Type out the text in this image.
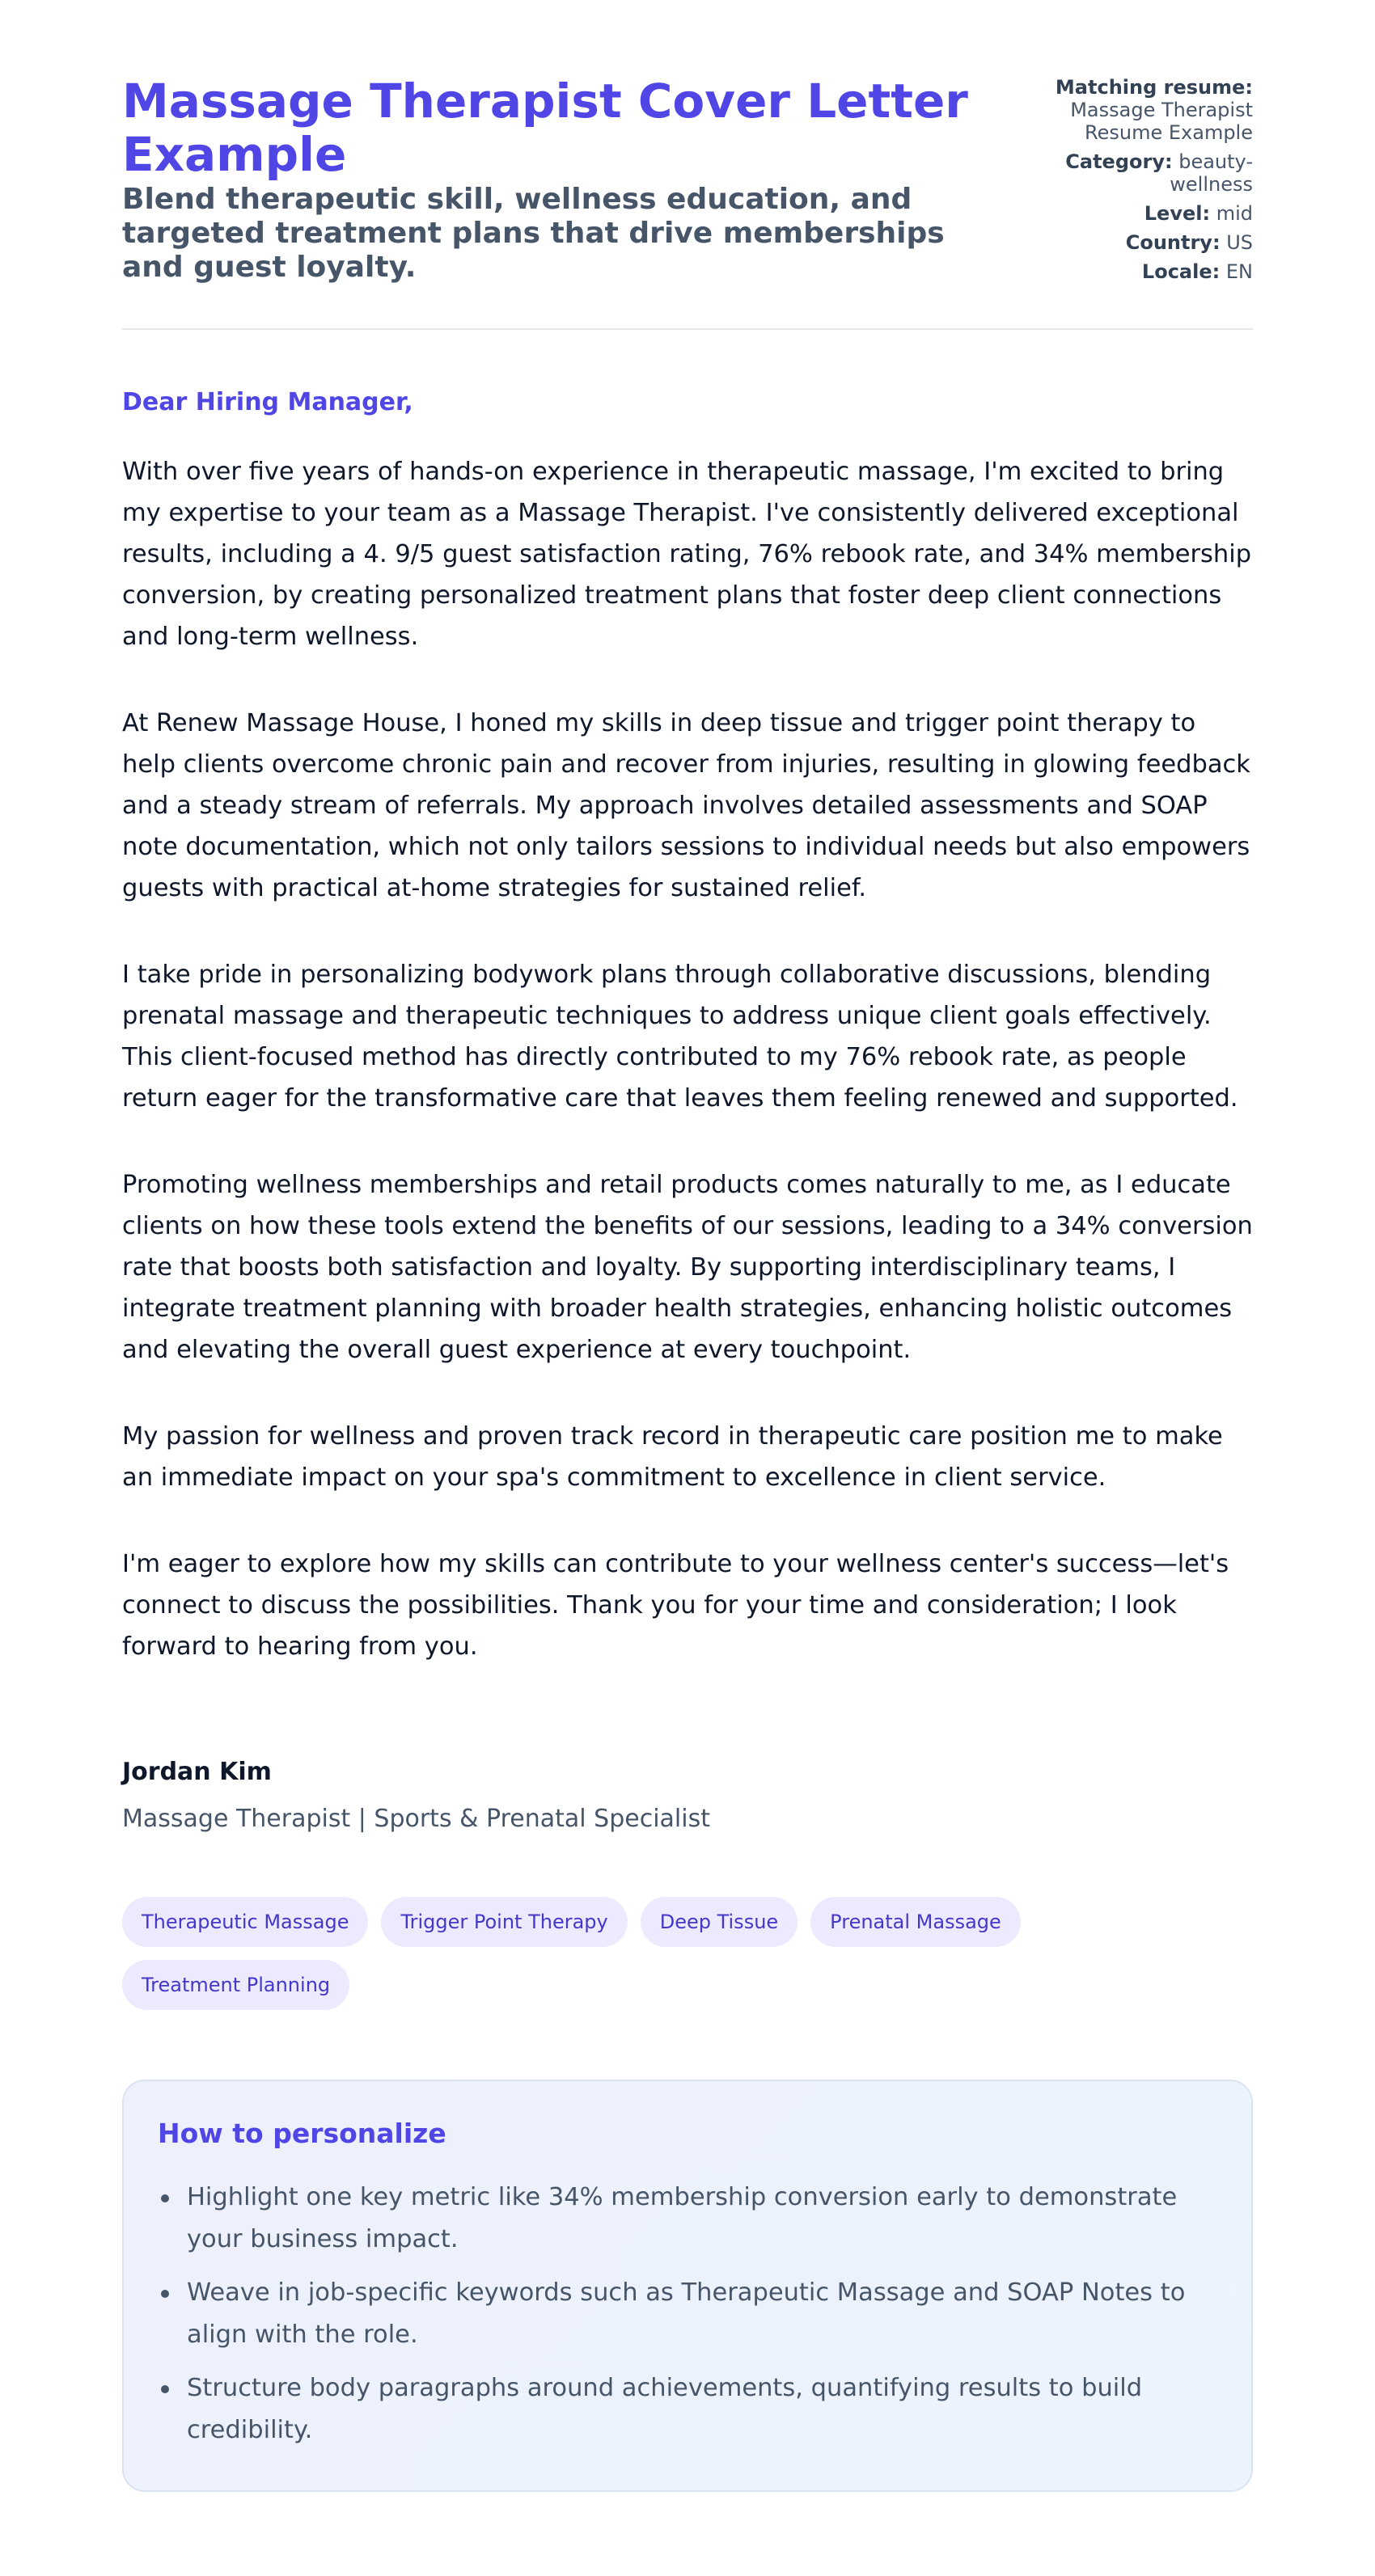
Massage Therapist Cover Letter Example
Blend therapeutic skill, wellness education, and targeted treatment plans that drive memberships and guest loyalty.
Matching resume: Massage Therapist Resume Example
Category: beauty-wellness
Level: mid
Country: US
Locale: EN

Dear Hiring Manager,

With over five years of hands-on experience in therapeutic massage, I'm excited to bring my expertise to your team as a Massage Therapist. I've consistently delivered exceptional results, including a 4. 9/5 guest satisfaction rating, 76% rebook rate, and 34% membership conversion, by creating personalized treatment plans that foster deep client connections and long-term wellness.

At Renew Massage House, I honed my skills in deep tissue and trigger point therapy to help clients overcome chronic pain and recover from injuries, resulting in glowing feedback and a steady stream of referrals. My approach involves detailed assessments and SOAP note documentation, which not only tailors sessions to individual needs but also empowers guests with practical at-home strategies for sustained relief.

I take pride in personalizing bodywork plans through collaborative discussions, blending prenatal massage and therapeutic techniques to address unique client goals effectively. This client-focused method has directly contributed to my 76% rebook rate, as people return eager for the transformative care that leaves them feeling renewed and supported.

Promoting wellness memberships and retail products comes naturally to me, as I educate clients on how these tools extend the benefits of our sessions, leading to a 34% conversion rate that boosts both satisfaction and loyalty. By supporting interdisciplinary teams, I integrate treatment planning with broader health strategies, enhancing holistic outcomes and elevating the overall guest experience at every touchpoint.

My passion for wellness and proven track record in therapeutic care position me to make an immediate impact on your spa's commitment to excellence in client service.

I'm eager to explore how my skills can contribute to your wellness center's success—let's connect to discuss the possibilities. Thank you for your time and consideration; I look forward to hearing from you.

Jordan Kim
Massage Therapist | Sports & Prenatal Specialist
Therapeutic Massage	Trigger Point Therapy	Deep Tissue	Prenatal Massage
Treatment Planning
How to personalize
Highlight one key metric like 34% membership conversion early to demonstrate your business impact.
Weave in job-specific keywords such as Therapeutic Massage and SOAP Notes to align with the role.
Structure body paragraphs around achievements, quantifying results to build credibility.
